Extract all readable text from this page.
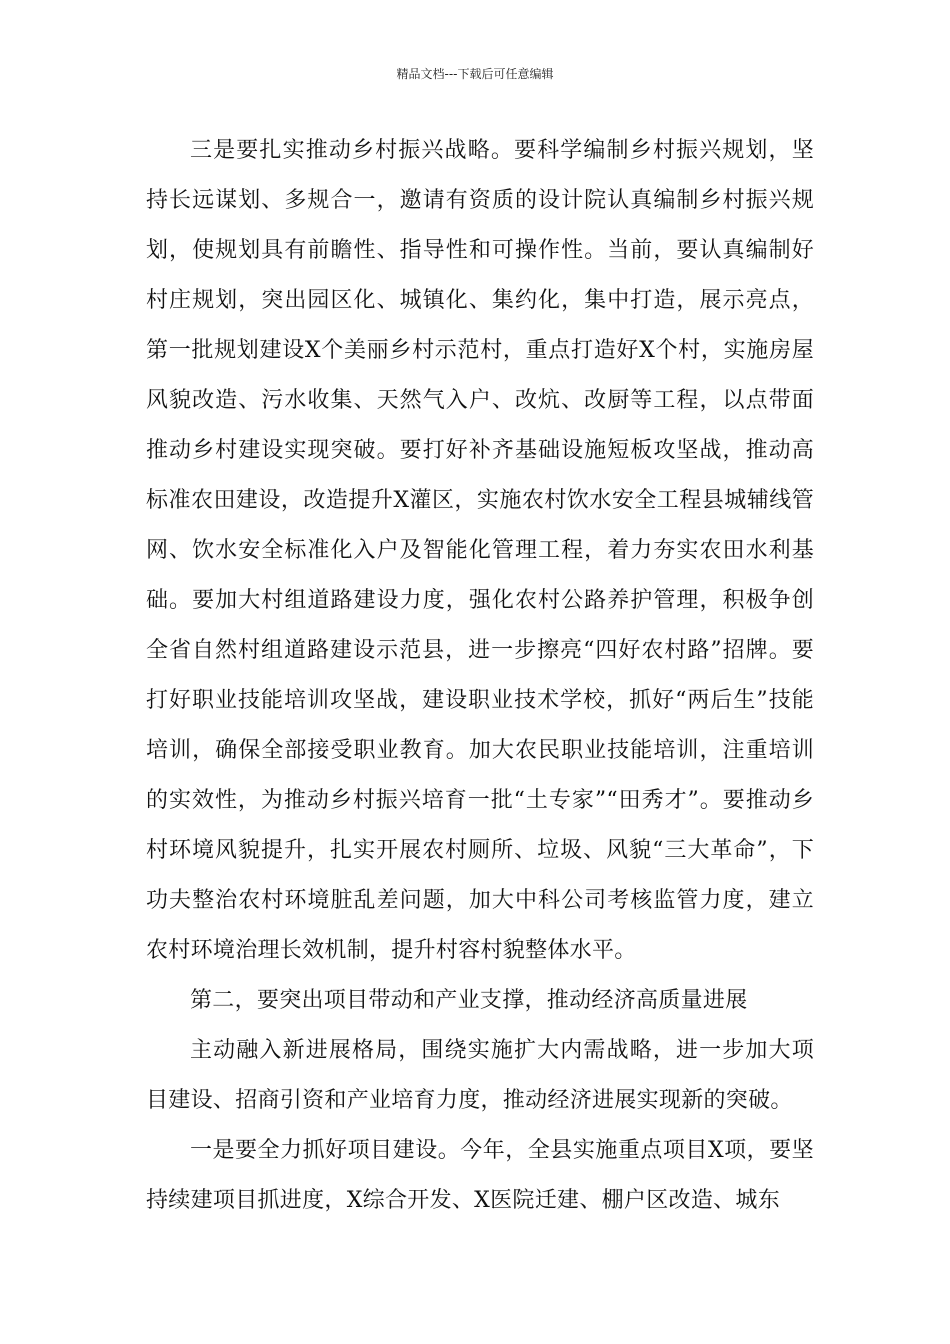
精品文档---下载后可任意编辑

三是要扎实推动乡村振兴战略。要科学编制乡村振兴规划，坚持长远谋划、多规合一，邀请有资质的设计院认真编制乡村振兴规划，使规划具有前瞻性、指导性和可操作性。当前，要认真编制好村庄规划，突出园区化、城镇化、集约化，集中打造，展示亮点，第一批规划建设X个美丽乡村示范村，重点打造好X个村，实施房屋风貌改造、污水收集、天然气入户、改炕、改厨等工程，以点带面推动乡村建设实现突破。要打好补齐基础设施短板攻坚战，推动高标准农田建设，改造提升X灌区，实施农村饮水安全工程县城辅线管网、饮水安全标准化入户及智能化管理工程，着力夯实农田水利基础。要加大村组道路建设力度，强化农村公路养护管理，积极争创全省自然村组道路建设示范县，进一步擦亮“四好农村路”招牌。要打好职业技能培训攻坚战，建设职业技术学校，抓好“两后生”技能培训，确保全部接受职业教育。加大农民职业技能培训，注重培训的实效性，为推动乡村振兴培育一批“土专家”“田秀才”。要推动乡村环境风貌提升，扎实开展农村厕所、垃圾、风貌“三大革命”，下功夫整治农村环境脏乱差问题，加大中科公司考核监管力度，建立农村环境治理长效机制，提升村容村貌整体水平。

第二，要突出项目带动和产业支撑，推动经济高质量进展

主动融入新进展格局，围绕实施扩大内需战略，进一步加大项目建设、招商引资和产业培育力度，推动经济进展实现新的突破。

一是要全力抓好项目建设。今年，全县实施重点项目X项，要坚持续建项目抓进度，X综合开发、X医院迁建、棚户区改造、城东
